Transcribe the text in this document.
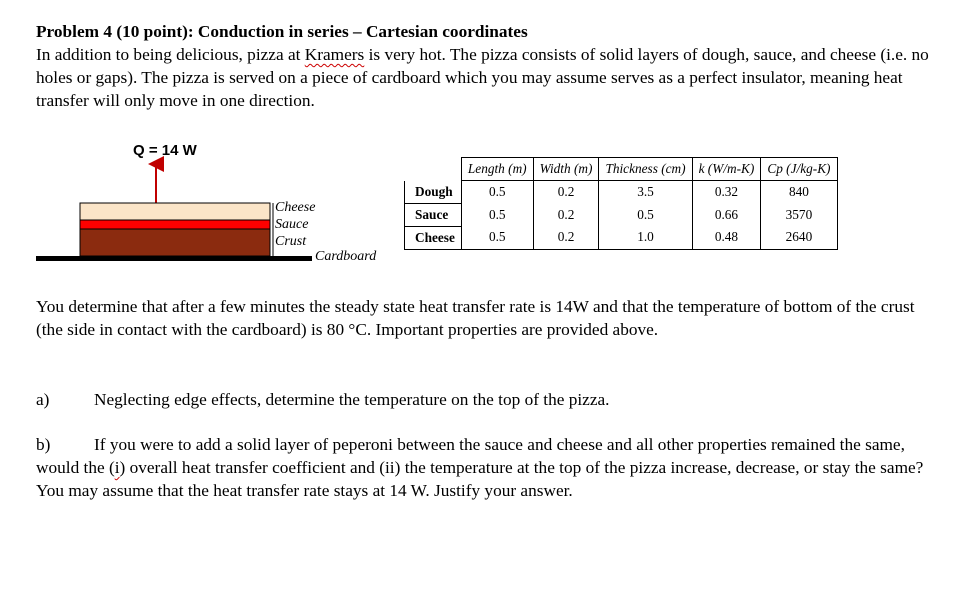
Problem 4 (10 point): Conduction in series – Cartesian coordinates
In addition to being delicious, pizza at Kramers is very hot. The pizza consists of solid layers of dough, sauce, and cheese (i.e. no holes or gaps). The pizza is served on a piece of cardboard which you may assume serves as a perfect insulator, meaning heat transfer will only move in one direction.

Q = 14 W
Cheese
Sauce
Crust
Cardboard
	Length (m)	Width (m)	Thickness (cm)	k (W/m-K)	Cp (J/kg-K)
Dough	0.5	0.2	3.5	0.32	840
Sauce	0.5	0.2	0.5	0.66	3570
Cheese	0.5	0.2	1.0	0.48	2640

You determine that after a few minutes the steady state heat transfer rate is 14W and that the temperature of bottom of the crust (the side in contact with the cardboard) is 80 °C. Important properties are provided above.

a)	Neglecting edge effects, determine the temperature on the top of the pizza.

b)	If you were to add a solid layer of peperoni between the sauce and cheese and all other properties remained the same, would the (i) overall heat transfer coefficient and (ii) the temperature at the top of the pizza increase, decrease, or stay the same? You may assume that the heat transfer rate stays at 14 W. Justify your answer.
